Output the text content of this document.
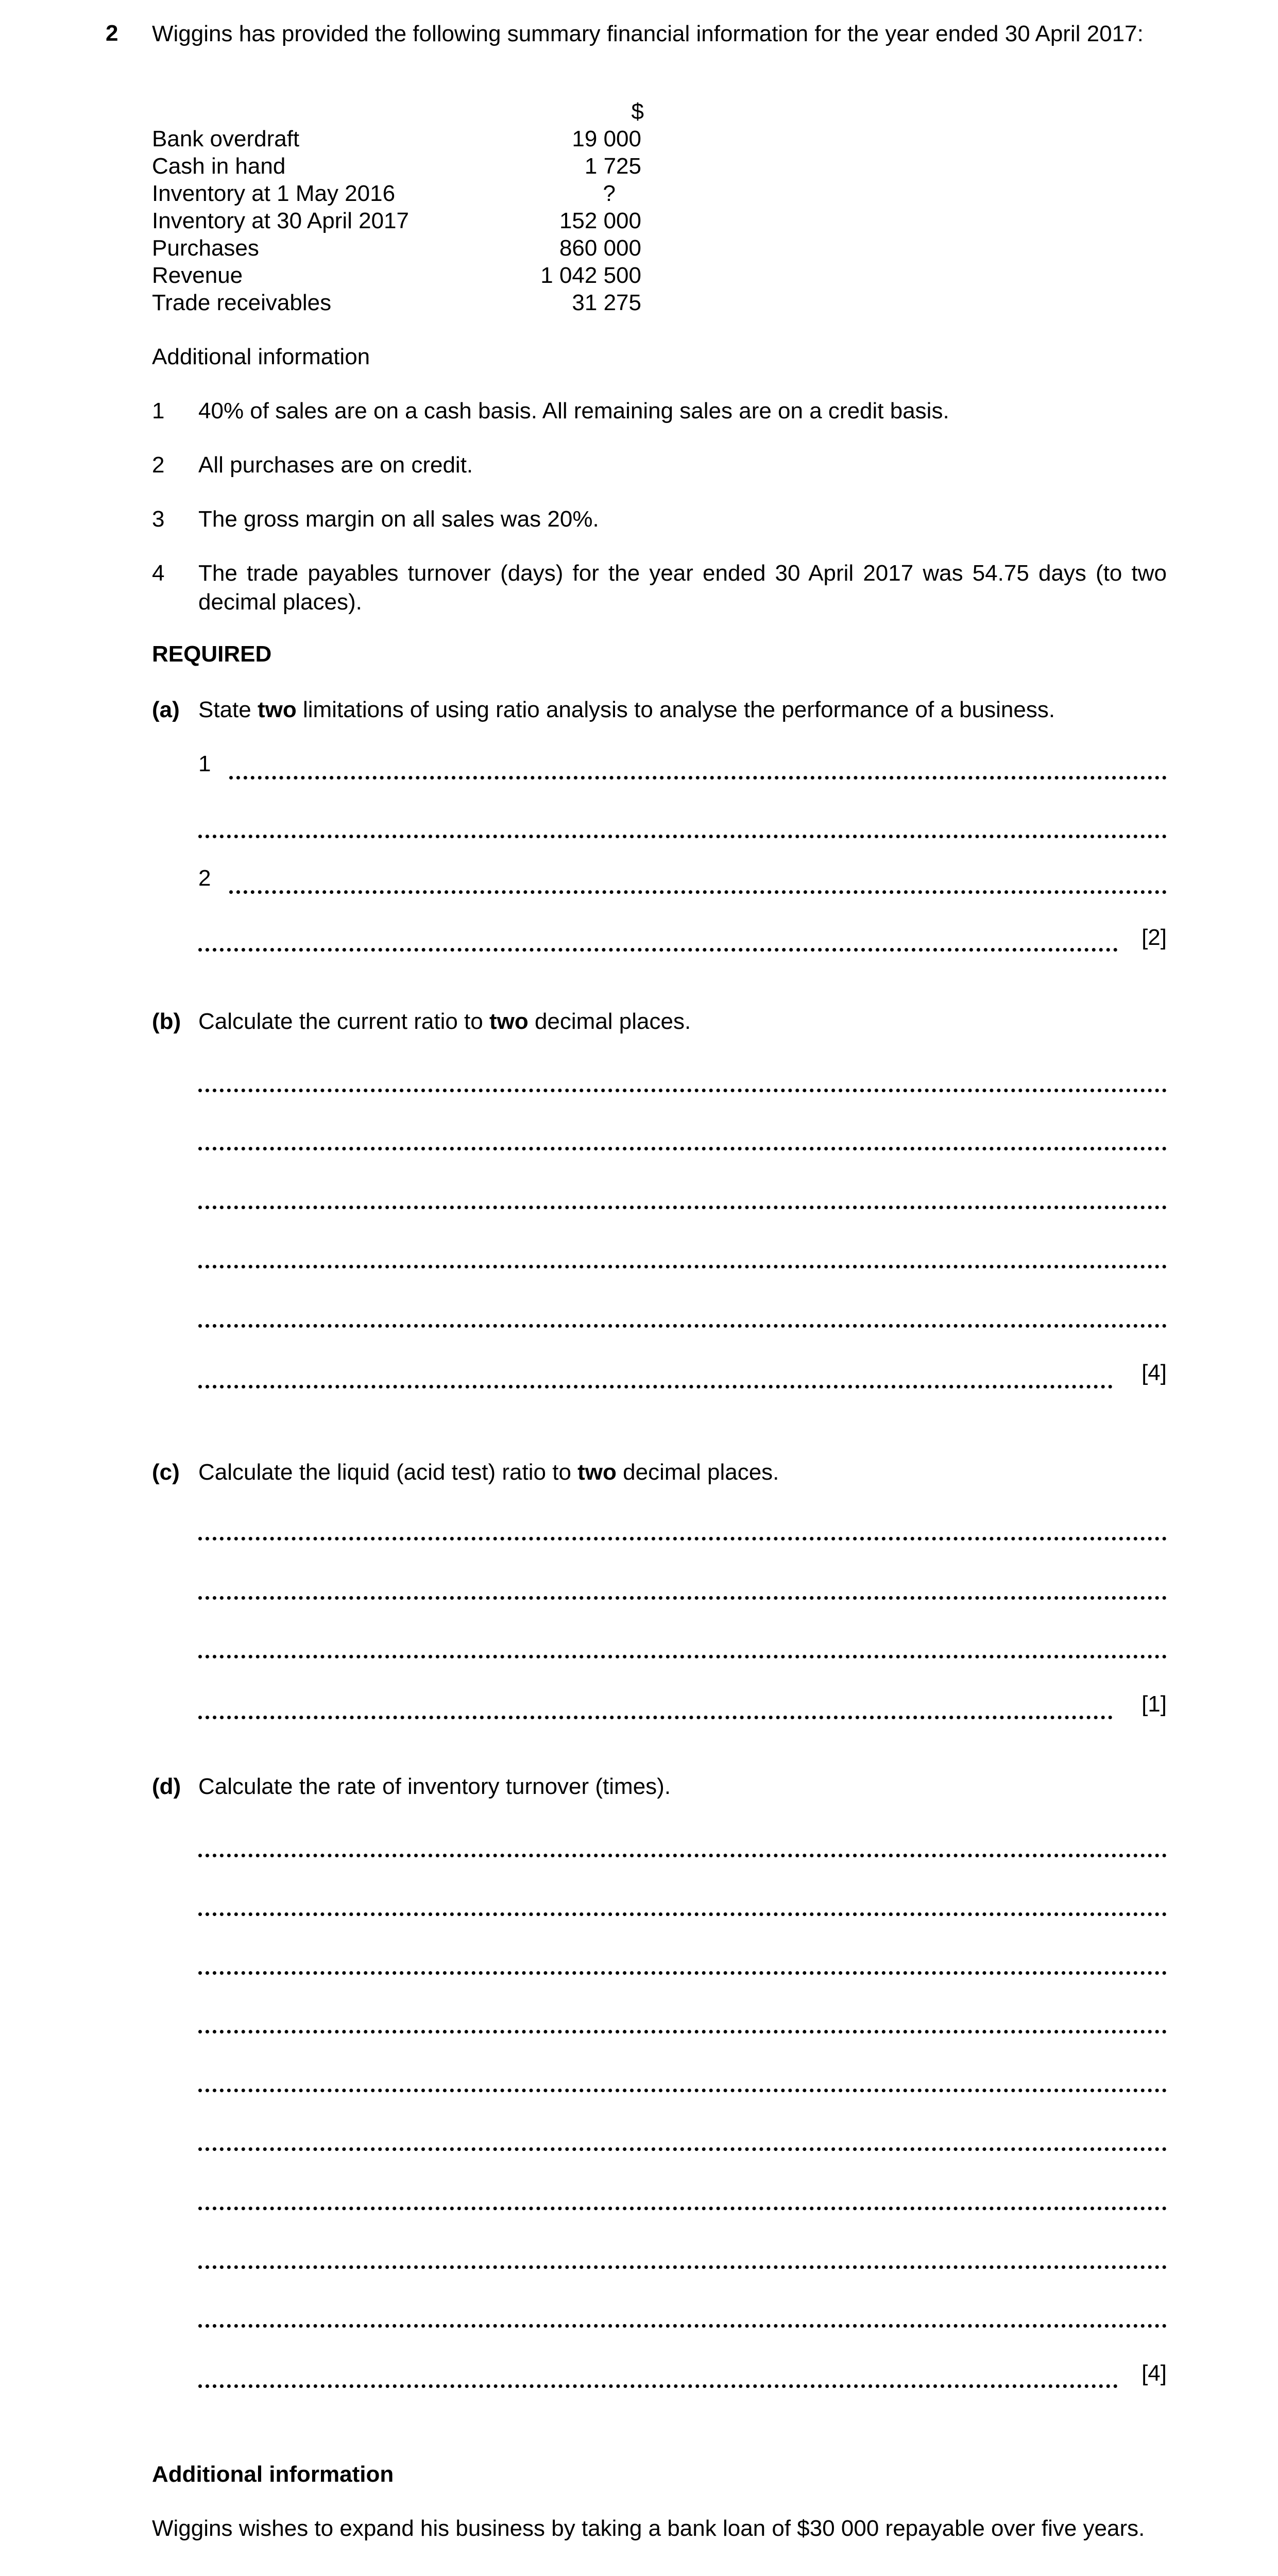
2 Wiggins has provided the following summary financial information for the year ended 30 April 2017:
$
Bank overdraft	19 000
Cash in hand	1 725
Inventory at 1 May 2016	?
Inventory at 30 April 2017	152 000
Purchases	860 000
Revenue	1 042 500
Trade receivables	31 275
Additional information
1	40% of sales are on a cash basis. All remaining sales are on a credit basis.
2	All purchases are on credit.
3	The gross margin on all sales was 20%.
4	The trade payables turnover (days) for the year ended 30 April 2017 was 54.75 days (to two decimal places).
REQUIRED
(a) State two limitations of using ratio analysis to analyse the performance of a business.
1
2
[2]
(b) Calculate the current ratio to two decimal places.
[4]
(c) Calculate the liquid (acid test) ratio to two decimal places.
[1]
(d) Calculate the rate of inventory turnover (times).
[4]
Additional information
Wiggins wishes to expand his business by taking a bank loan of $30 000 repayable over five years.
